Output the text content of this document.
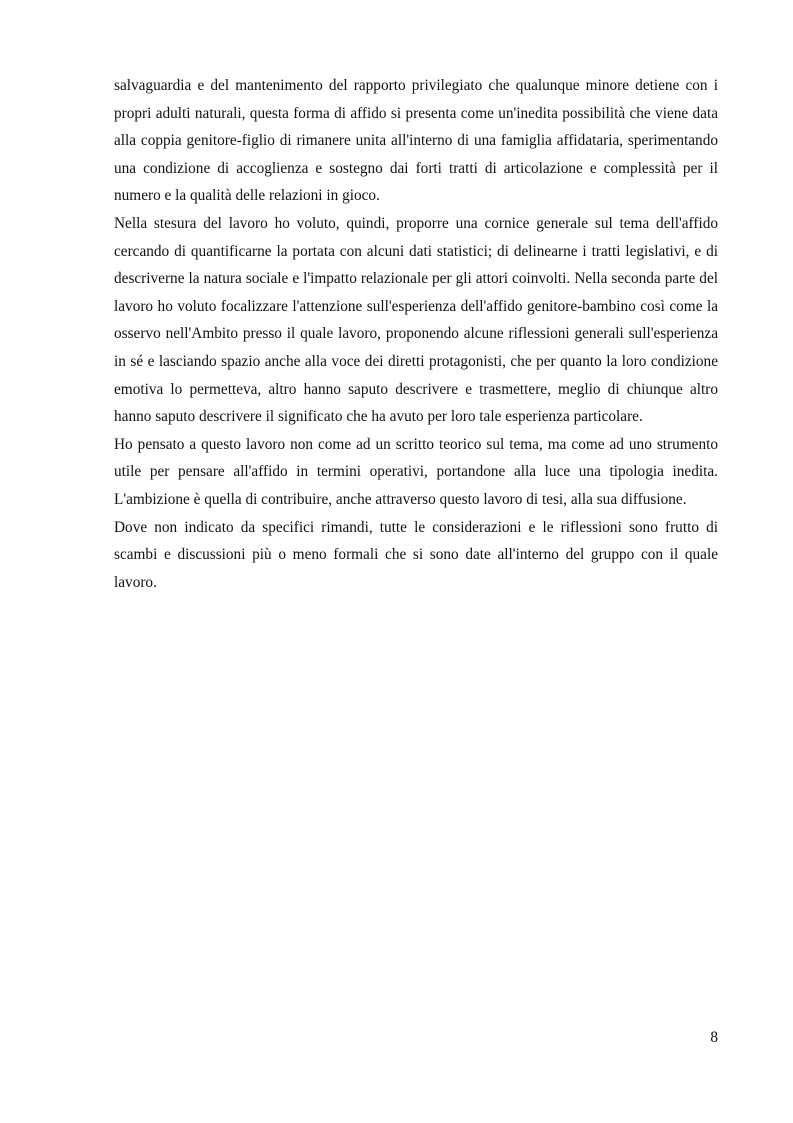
salvaguardia e del mantenimento del rapporto privilegiato che qualunque minore detiene con i propri adulti naturali, questa forma di affido si presenta come un'inedita possibilità che viene data alla coppia genitore-figlio di rimanere unita all'interno di una famiglia affidataria, sperimentando una condizione di accoglienza e sostegno dai forti tratti di articolazione e complessità per il numero e la qualità delle relazioni in gioco.

Nella stesura del lavoro ho voluto, quindi, proporre una cornice generale sul tema dell'affido cercando di quantificarne la portata con alcuni dati statistici; di delinearne i tratti legislativi, e di descriverne la natura sociale e l'impatto relazionale per gli attori coinvolti. Nella seconda parte del lavoro ho voluto focalizzare l'attenzione sull'esperienza dell'affido genitore-bambino così come la osservo nell'Ambito presso il quale lavoro, proponendo alcune riflessioni generali sull'esperienza in sé e lasciando spazio anche alla voce dei diretti protagonisti, che per quanto la loro condizione emotiva lo permetteva, altro hanno saputo descrivere e trasmettere, meglio di chiunque altro hanno saputo descrivere il significato che ha avuto per loro tale esperienza particolare.

Ho pensato a questo lavoro non come ad un scritto teorico sul tema, ma come ad uno strumento utile per pensare all'affido in termini operativi, portandone alla luce una tipologia inedita. L'ambizione è quella di contribuire, anche attraverso questo lavoro di tesi, alla sua diffusione.

Dove non indicato da specifici rimandi, tutte le considerazioni e le riflessioni sono frutto di scambi e discussioni più o meno formali che si sono date all'interno del gruppo con il quale lavoro.

8
